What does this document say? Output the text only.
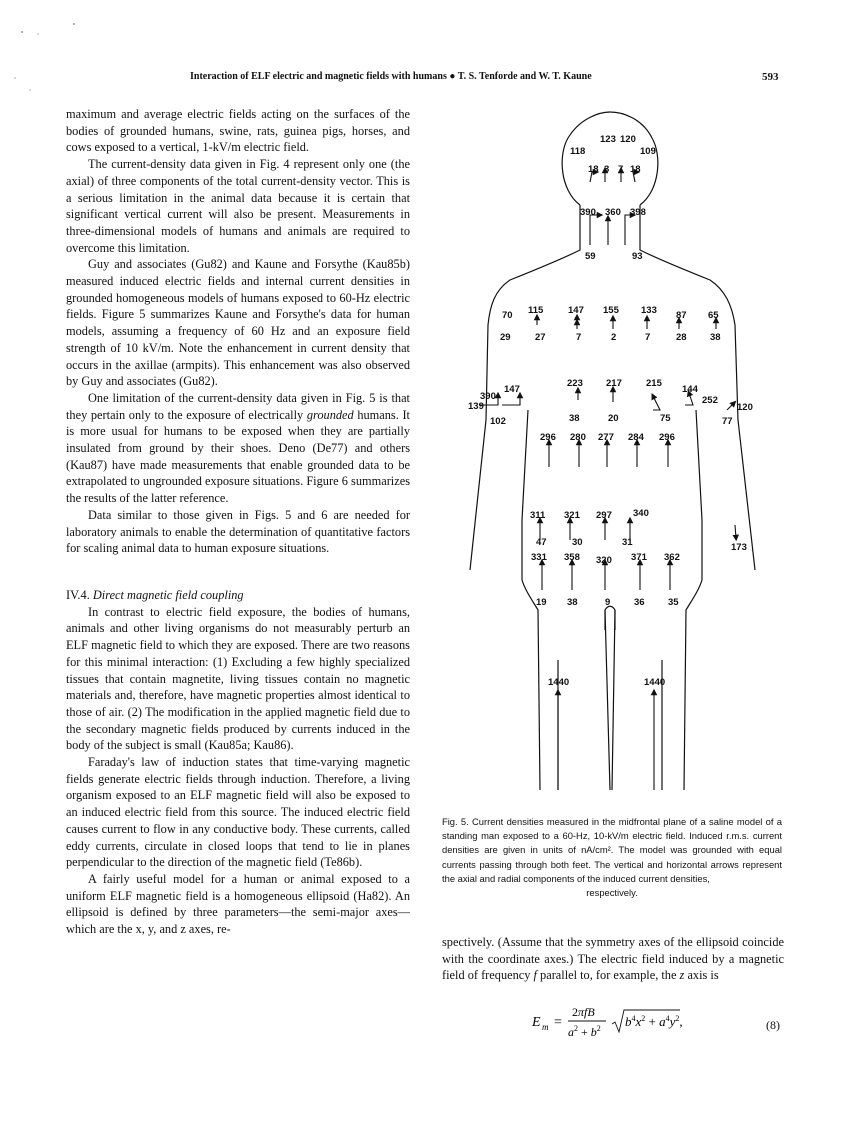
Interaction of ELF electric and magnetic fields with humans ● T. S. Tenforde and W. T. Kaune	593

maximum and average electric fields acting on the surfaces of the bodies of grounded humans, swine, rats, guinea pigs, horses, and cows exposed to a vertical, 1-kV/m electric field.

The current-density data given in Fig. 4 represent only one (the axial) of three components of the total current-density vector. This is a serious limitation in the animal data because it is certain that significant vertical current will also be present. Measurements in three-dimensional models of humans and animals are required to overcome this limitation.

Guy and associates (Gu82) and Kaune and Forsythe (Kau85b) measured induced electric fields and internal current densities in grounded homogeneous models of humans exposed to 60-Hz electric fields. Figure 5 summarizes Kaune and Forsythe's data for human models, assuming a frequency of 60 Hz and an exposure field strength of 10 kV/m. Note the enhancement in current density that occurs in the axillae (armpits). This enhancement was also observed by Guy and associates (Gu82).

One limitation of the current-density data given in Fig. 5 is that they pertain only to the exposure of electrically grounded humans. It is more usual for humans to be exposed when they are partially insulated from ground by their shoes. Deno (De77) and others (Kau87) have made measurements that enable grounded data to be extrapolated to ungrounded exposure situations. Figure 6 summarizes the results of the latter reference.

Data similar to those given in Figs. 5 and 6 are needed for laboratory animals to enable the determination of quantitative factors for scaling animal data to human exposure situations.

IV.4. Direct magnetic field coupling

In contrast to electric field exposure, the bodies of humans, animals and other living organisms do not measurably perturb an ELF magnetic field to which they are exposed. There are two reasons for this minimal interaction: (1) Excluding a few highly specialized tissues that contain magnetite, living tissues contain no magnetic materials and, therefore, have magnetic properties almost identical to those of air. (2) The modification in the applied magnetic field due to the secondary magnetic fields produced by currents induced in the body of the subject is small (Kau85a; Kau86).

Faraday's law of induction states that time-varying magnetic fields generate electric fields through induction. Therefore, a living organism exposed to an ELF magnetic field will also be exposed to an induced electric field from this source. The induced electric field causes current to flow in any conductive body. These currents, called eddy currents, circulate in closed loops that tend to lie in planes perpendicular to the direction of the magnetic field (Te86b).

A fairly useful model for a human or animal exposed to a uniform ELF magnetic field is a homogeneous ellipsoid (Ha82). An ellipsoid is defined by three parameters—the semi-major axes—which are the x, y, and z axes, re-

123 120
118	109
18 3 7 18
390 360 398
59	93
70 115	147 155 133 87 65
29	27	7	2	7	28 38
390
147
139
102
223 217	215
144
252
120
77
38	20	75
296 280 277 284 296
311 321 297 340
47	30	31	173
331 358 320 371 362
19 38	9 36 35
1440	1440
Fig. 5. Current densities measured in the midfrontal plane of a saline model of a standing man exposed to a 60-Hz, 10-kV/m electric field. Induced r.m.s. current densities are given in units of nA/cm². The model was grounded with equal currents passing through both feet. The vertical and horizontal arrows represent the axial and radial components of the induced current densities,
respectively.

spectively. (Assume that the symmetry axes of the ellipsoid coincide with the coordinate axes.) The electric field induced by a magnetic field of frequency f parallel to, for example, the z axis is

E m =
2πfB
$a^2 + b^2$ $b^4x^2 + a^4y^2$,	(8)
